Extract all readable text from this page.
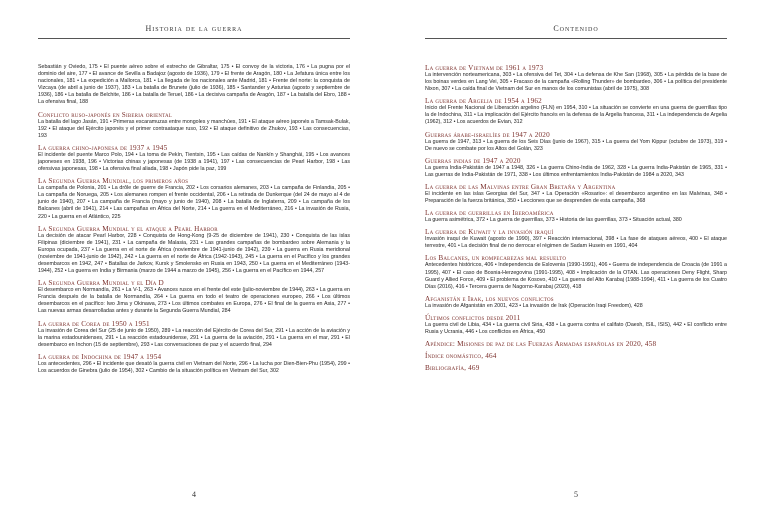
Historia de la guerra
Sebastián y Oviedo, 175 • El puente aéreo sobre el estrecho de Gibraltar, 175 • El convoy de la victoria, 176 • La pugna por el dominio del aire, 177 • El avance de Sevilla a Badajoz (agosto de 1936), 179 • El frente de Aragón, 180 • La Jefatura única entre los nacionales, 181 • La expedición a Mallorca, 181 • La llegada de los nacionales ante Madrid, 181 • Frente del norte: la conquista de Vizcaya (de abril a junio de 1937), 183 • La batalla de Brunete (julio de 1936), 185 • Santander y Asturias (agosto y septiembre de 1936), 186 • La batalla de Belchite, 186 • La batalla de Teruel, 186 • La decisiva campaña de Aragón, 187 • La batalla del Ebro, 188 • La ofensiva final, 188
Conflicto ruso-japonés en Siberia oriental
La batalla del lago Jasán, 191 • Primeras escaramuzas entre mongoles y manchúes, 191 • El ataque aéreo japonés a Tamsak-Bulak, 192 • El ataque del Ejército japonés y el primer contraataque ruso, 192 • El ataque definitivo de Zhukov, 193 • Las consecuencias, 193
La guerra chino-japonesa de 1937 a 1945
El incidente del puente Marco Polo, 194 • La toma de Pekín, Tientsin, 195 • Las caídas de Nankín y Shanghái, 195 • Los avances japoneses en 1938, 196 • Victorias chinas y japonesas (de 1938 a 1941), 197 • Las consecuencias de Pearl Harbor, 198 • Las ofensivas japonesas, 198 • La ofensiva final aliada, 198 • Japón pide la paz, 199
La Segunda Guerra Mundial, los primeros años
La campaña de Polonia, 201 • La drôle de guerre de Francia, 202 • Los corsarios alemanes, 203 • La campaña de Finlandia, 205 • La campaña de Noruega, 205 • Los alemanes rompen el frente occidental, 206 • La retirada de Dunkerque (del 24 de mayo al 4 de junio de 1940), 207 • La campaña de Francia (mayo y junio de 1940), 208 • La batalla de Inglaterra, 209 • La campaña de los Balcanes (abril de 1941), 214 • Las campañas en África del Norte, 214 • La guerra en el Mediterráneo, 216 • La invasión de Rusia, 220 • La guerra en el Atlántico, 225
La Segunda Guerra Mundial y el ataque a Pearl Harbor
La decisión de atacar Pearl Harbor, 228 • Conquista de Hong-Kong (9-25 de diciembre de 1941), 230 • Conquista de las islas Filipinas (diciembre de 1941), 231 • La campaña de Malasia, 231 • Las grandes campañas de bombardeo sobre Alemania y la Europa ocupada, 237 • La guerra en el norte de África (noviembre de 1941-junio de 1942), 239 • La guerra en Rusia meridional (noviembre de 1941-junio de 1942), 242 • La guerra en el norte de África (1942-1943), 245 • La guerra en el Pacífico y los grandes desembarcos en 1942, 247 • Batallas de Jarkov, Kursk y Smolensko en Rusia en 1943, 250 • La guerra en el Mediterráneo (1943-1944), 252 • La guerra en India y Birmania (marzo de 1944 a marzo de 1945), 256 • La guerra en el Pacífico en 1944, 257
La Segunda Guerra Mundial y el Día D
El desembarco en Normandía, 261 • La V-1, 263 • Avances rusos en el frente del este (julio-noviembre de 1944), 263 • La guerra en Francia después de la batalla de Normandía, 264 • La guerra en todo el teatro de operaciones europeo, 266 • Los últimos desembarcos en el pacífico: Iwo Jima y Okinawa, 273 • Los últimos combates en Europa, 276 • El final de la guerra en Asia, 277 • Las nuevas armas desarrolladas antes y durante la Segunda Guerra Mundial, 284
La guerra de Corea de 1950 a 1951
La invasión de Corea del Sur (25 de junio de 1950), 289 • La reacción del Ejército de Corea del Sur, 291 • La acción de la aviación y la marina estadounidenses, 291 • La reacción estadounidense, 291 • La guerra de la aviación, 291 • La guerra en el mar, 291 • El desembarco en Inchon (15 de septiembre), 293 • Las conversaciones de paz y el acuerdo final, 294
La guerra de Indochina de 1947 a 1954
Los antecedentes, 296 • El incidente que desató la guerra civil en Vietnam del Norte, 296 • La lucha por Dien-Bien-Phu (1954), 299 • Los acuerdos de Ginebra (julio de 1954), 302 • Cambio de la situación política en Vietnam del Sur, 302
4
Contenido
La guerra de Vietnam de 1961 a 1973
La intervención norteamericana, 303 • La ofensiva del Tet, 304 • La defensa de Khe San (1968), 305 • La pérdida de la base de los boinas verdes en Lang Vei, 305 • Fracaso de la campaña «Rolling Thunder» de bombardeo, 306 • La política del presidente Nixon, 307 • La caída final de Vietnam del Sur en manos de los comunistas (abril de 1975), 308
La guerra de Argelia de 1954 a 1962
Inicio del Frente Nacional de Liberación argelino (FLN) en 1954, 310 • La situación se convierte en una guerra de guerrillas tipo la de Indochina, 311 • La implicación del Ejército francés en la defensa de la Argelia francesa, 311 • La independencia de Argelia (1962), 312 • Los acuerdos de Evian, 312
Guerras árabe-israelíes de 1947 a 2020
La guerra de 1947, 313 • La guerra de los Seis Días (junio de 1967), 315 • La guerra del Yom Kippur (octubre de 1973), 319 • De nuevo se combate por los Altos del Golán, 323
Guerras indias de 1947 a 2020
La guerra India-Pakistán de 1947 a 1948, 326 • La guerra Chino-India de 1962, 328 • La guerra India-Pakistán de 1965, 331 • Las guerras de India-Pakistán de 1971, 338 • Los últimos enfrentamientos India-Pakistán de 1984 a 2020, 343
La guerra de las Malvinas entre Gran Bretaña y Argentina
El incidente en las islas Georgias del Sur, 347 • La Operación «Rosario»: el desembarco argentino en las Malvinas, 348 • Preparación de la fuerza británica, 350 • Lecciones que se desprenden de esta campaña, 368
La guerra de guerrillas en Iberoamérica
La guerra asimétrica, 372 • La guerra de guerrillas, 373 • Historia de las guerrillas, 373 • Situación actual, 380
La guerra de Kuwait y la invasión iraquí
Invasión iraquí de Kuwait (agosto de 1990), 397 • Reacción internacional, 398 • La fase de ataques aéreos, 400 • El ataque terrestre, 401 • La decisión final de no derrocar el régimen de Sadam Husein en 1991, 404
Los Balcanes, un rompecabezas mal resuelto
Antecedentes históricos, 406 • Independencia de Eslovenia (1990-1991), 406 • Guerra de independencia de Croacia (de 1991 a 1995), 407 • El caso de Bosnia-Herzegovina (1991-1995), 408 • Implicación de la OTAN. Las operaciones Deny Flight, Sharp Guard y Allied Force, 409 • El problema de Kosovo, 410 • La guerra del Alto Karabaj (1988-1994), 411 • La guerra de los Cuatro Días (2016), 416 • Tercera guerra de Nagorno-Karabaj (2020), 418
Afganistán e Irak, los nuevos conflictos
La invasión de Afganistán en 2001, 423 • La invasión de Irak (Operación Iraqi Freedom), 428
Últimos conflictos desde 2011
La guerra civil de Libia, 434 • La guerra civil Siria, 438 • La guerra contra el califato (Daesh, ISIL, ISIS), 442 • El conflicto entre Rusia y Ucrania, 446 • Los conflictos en África, 450
Apéndice: Misiones de paz de las Fuerzas Armadas españolas en 2020, 458
Índice onomástico, 464
Bibliografía, 469
5
